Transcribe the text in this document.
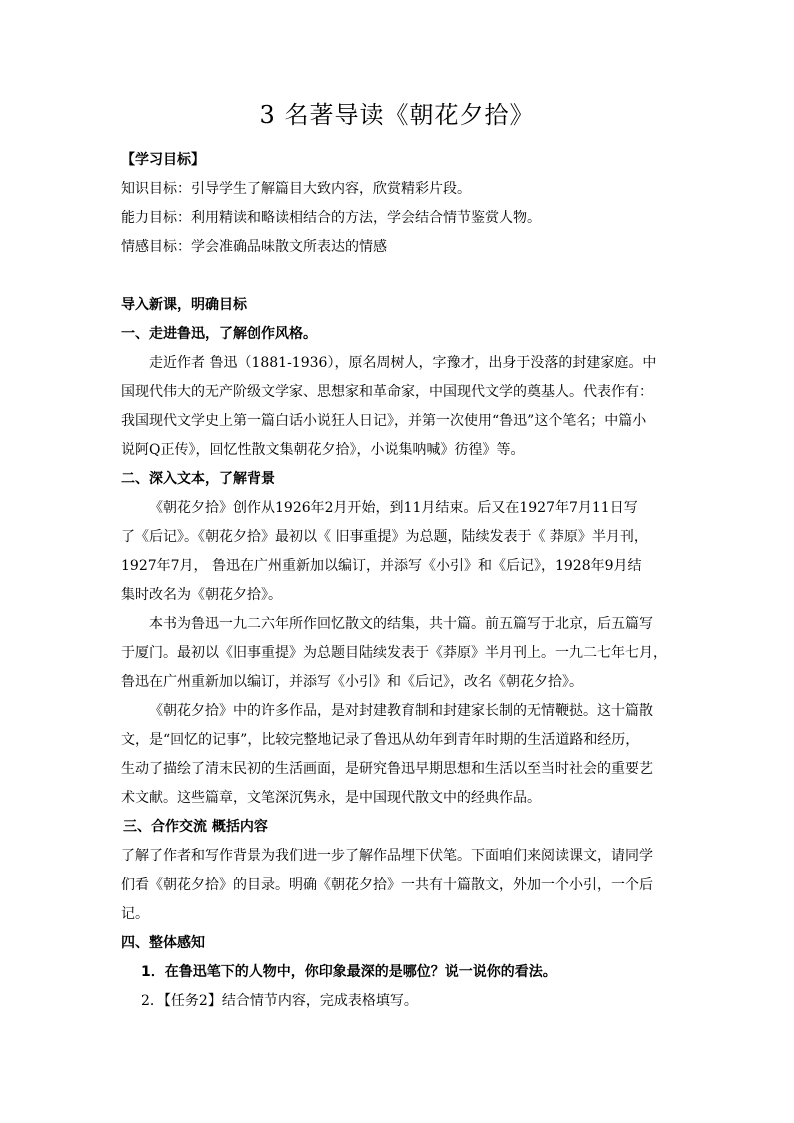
3 名著导读《朝花夕拾》
【学习目标】
知识目标：引导学生了解篇目大致内容，欣赏精彩片段。
能力目标：利用精读和略读相结合的方法，学会结合情节鉴赏人物。
情感目标：学会准确品味散文所表达的情感
导入新课，明确目标
一、走进鲁迅，了解创作风格。
走近作者 鲁迅（1881-1936），原名周树人，字豫才，出身于没落的封建家庭。中
国现代伟大的无产阶级文学家、思想家和革命家，中国现代文学的奠基人。代表作有：
我国现代文学史上第一篇白话小说狂人日记》，并第一次使用“鲁迅”这个笔名；中篇小
说阿Q正传》，回忆性散文集朝花夕拾》，小说集呐喊》彷徨》等。
二、深入文本，了解背景
《朝花夕拾》创作从1926年2月开始，到11月结束。后又在1927年7月11日写
了《后记》。《朝花夕拾》最初以《 旧事重提》为总题，陆续发表于《 莽原》半月刊，
1927年7月， 鲁迅在广州重新加以编订，并添写《小引》和《后记》，1928年9月结
集时改名为《朝花夕拾》。
本书为鲁迅一九二六年所作回忆散文的结集，共十篇。前五篇写于北京，后五篇写
于厦门。最初以《旧事重提》为总题目陆续发表于《莽原》半月刊上。一九二七年七月，
鲁迅在广州重新加以编订，并添写《小引》和《后记》，改名《朝花夕拾》。
《朝花夕拾》中的许多作品，是对封建教育制和封建家长制的无情鞭挞。这十篇散
文，是“回忆的记事”，比较完整地记录了鲁迅从幼年到青年时期的生活道路和经历，
生动了描绘了清末民初的生活画面，是研究鲁迅早期思想和生活以至当时社会的重要艺
术文献。这些篇章，文笔深沉隽永，是中国现代散文中的经典作品。
三、合作交流 概括内容
了解了作者和写作背景为我们进一步了解作品埋下伏笔。下面咱们来阅读课文，请同学
们看《朝花夕拾》的目录。明确《朝花夕拾》一共有十篇散文，外加一个小引，一个后
记。
四、整体感知
1．在鲁迅笔下的人物中，你印象最深的是哪位？说一说你的看法。
2．【任务2】结合情节内容，完成表格填写。
